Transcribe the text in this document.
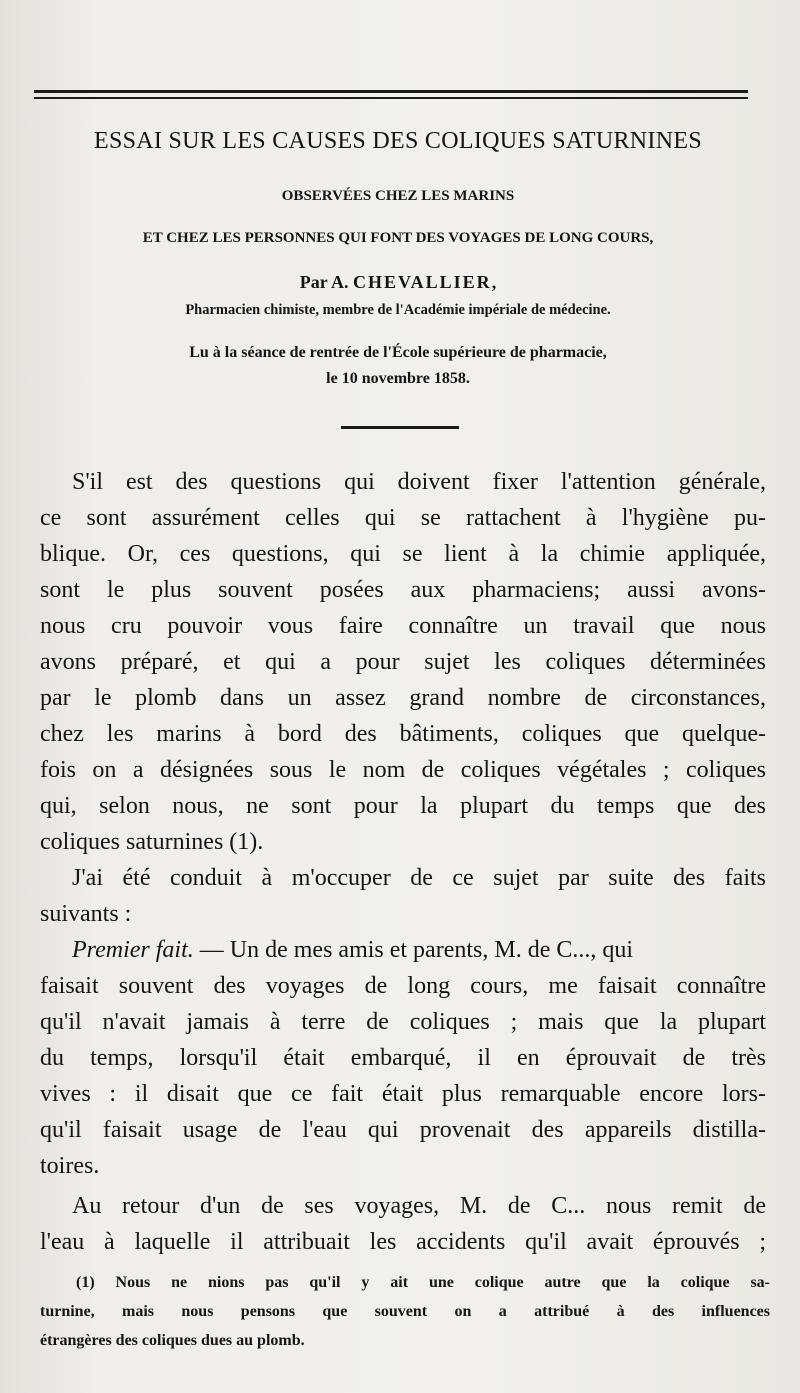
ESSAI SUR LES CAUSES DES COLIQUES SATURNINES
OBSERVÉES CHEZ LES MARINS
ET CHEZ LES PERSONNES QUI FONT DES VOYAGES DE LONG COURS,
Par A. CHEVALLIER,
Pharmacien chimiste, membre de l'Académie impériale de médecine.
Lu à la séance de rentrée de l'École supérieure de pharmacie,
le 10 novembre 1858.
S'il est des questions qui doivent fixer l'attention générale,
ce sont assurément celles qui se rattachent à l'hygiène pu-
blique. Or, ces questions, qui se lient à la chimie appliquée,
sont le plus souvent posées aux pharmaciens; aussi avons-
nous cru pouvoir vous faire connaître un travail que nous
avons préparé, et qui a pour sujet les coliques déterminées
par le plomb dans un assez grand nombre de circonstances,
chez les marins à bord des bâtiments, coliques que quelque-
fois on a désignées sous le nom de coliques végétales ; coliques
qui, selon nous, ne sont pour la plupart du temps que des
coliques saturnines (1).
J'ai été conduit à m'occuper de ce sujet par suite des faits
suivants :
Premier fait. — Un de mes amis et parents, M. de C..., qui
faisait souvent des voyages de long cours, me faisait connaître
qu'il n'avait jamais à terre de coliques ; mais que la plupart
du temps, lorsqu'il était embarqué, il en éprouvait de très
vives : il disait que ce fait était plus remarquable encore lors-
qu'il faisait usage de l'eau qui provenait des appareils distilla-
toires.
Au retour d'un de ses voyages, M. de C... nous remit de
l'eau à laquelle il attribuait les accidents qu'il avait éprouvés ;
(1) Nous ne nions pas qu'il y ait une colique autre que la colique sa-
turnine, mais nous pensons que souvent on a attribué à des influences
étrangères des coliques dues au plomb.
